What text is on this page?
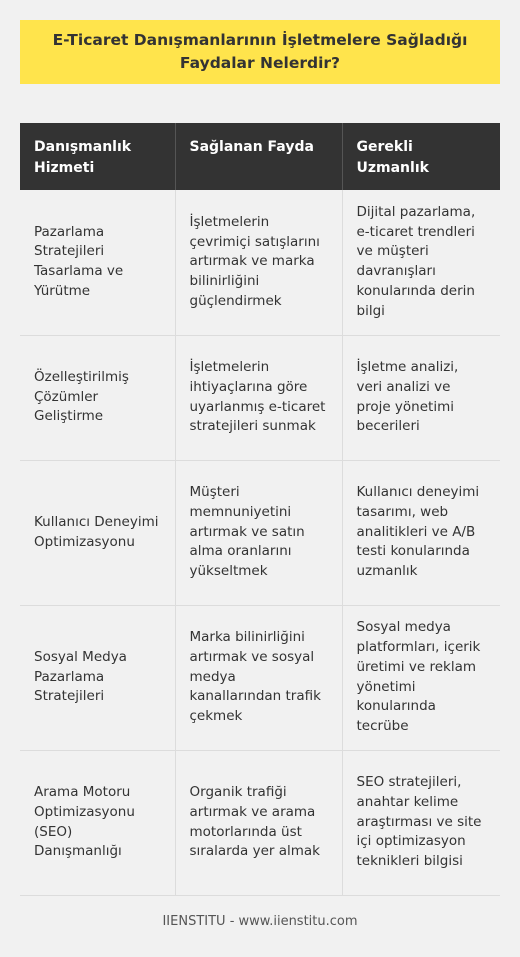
E-Ticaret Danışmanlarının İşletmelere Sağladığı Faydalar Nelerdir?
Danışmanlık Hizmeti	Sağlanan Fayda	Gerekli Uzmanlık
Pazarlama Stratejileri Tasarlama ve Yürütme	İşletmelerin çevrimiçi satışlarını artırmak ve marka bilinirliğini güçlendirmek	Dijital pazarlama, e-ticaret trendleri ve müşteri davranışları konularında derin bilgi
Özelleştirilmiş Çözümler Geliştirme	İşletmelerin ihtiyaçlarına göre uyarlanmış e-ticaret stratejileri sunmak	İşletme analizi, veri analizi ve proje yönetimi becerileri
Kullanıcı Deneyimi Optimizasyonu	Müşteri memnuniyetini artırmak ve satın alma oranlarını yükseltmek	Kullanıcı deneyimi tasarımı, web analitikleri ve A/B testi konularında uzmanlık
Sosyal Medya Pazarlama Stratejileri	Marka bilinirliğini artırmak ve sosyal medya kanallarından trafik çekmek	Sosyal medya platformları, içerik üretimi ve reklam yönetimi konularında tecrübe
Arama Motoru Optimizasyonu (SEO) Danışmanlığı	Organik trafiği artırmak ve arama motorlarında üst sıralarda yer almak	SEO stratejileri, anahtar kelime araştırması ve site içi optimizasyon teknikleri bilgisi
IIENSTITU - www.iienstitu.com
